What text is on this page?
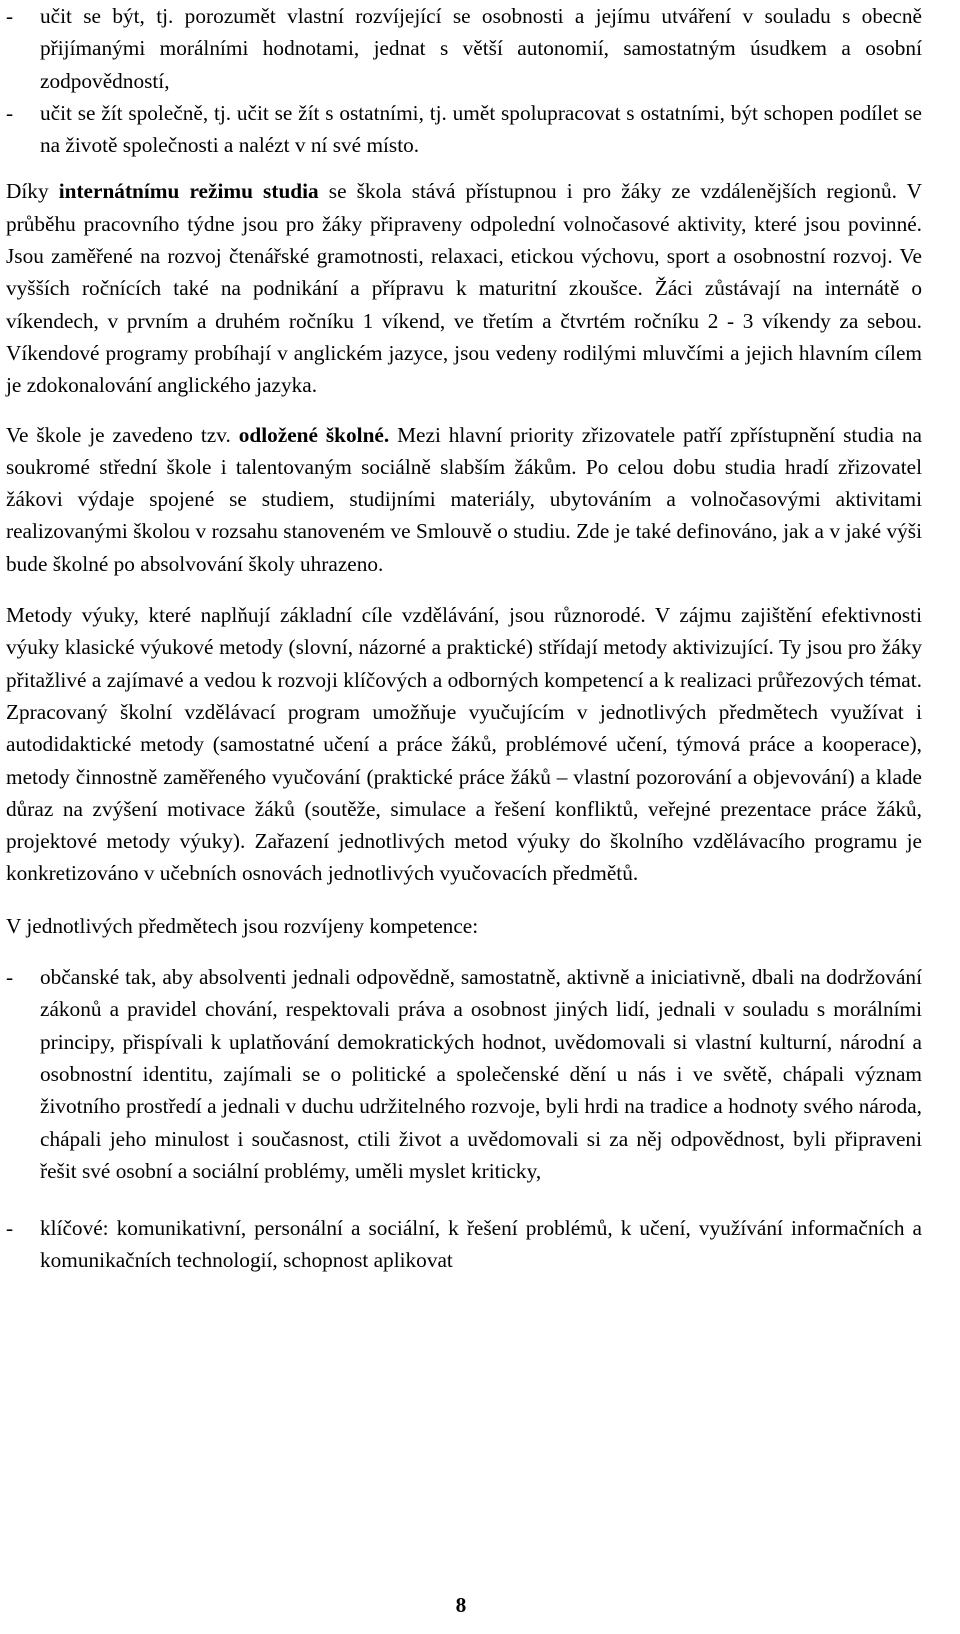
-	učit se být, tj. porozumět vlastní rozvíjející se osobnosti a jejímu utváření v souladu s obecně přijímanými morálními hodnotami, jednat s větší autonomií, samostatným úsudkem a osobní zodpovědností,
-	učit se žít společně, tj. učit se žít s ostatními, tj. umět spolupracovat s ostatními, být schopen podílet se na životě společnosti a nalézt v ní své místo.

Díky internátnímu režimu studia se škola stává přístupnou i pro žáky ze vzdálenějších regionů. V průběhu pracovního týdne jsou pro žáky připraveny odpolední volnočasové aktivity, které jsou povinné. Jsou zaměřené na rozvoj čtenářské gramotnosti, relaxaci, etickou výchovu, sport a osobnostní rozvoj. Ve vyšších ročnících také na podnikání a přípravu k maturitní zkoušce. Žáci zůstávají na internátě o víkendech, v prvním a druhém ročníku 1 víkend, ve třetím a čtvrtém ročníku 2 - 3 víkendy za sebou. Víkendové programy probíhají v anglickém jazyce, jsou vedeny rodilými mluvčími a jejich hlavním cílem je zdokonalování anglického jazyka.

Ve škole je zavedeno tzv. odložené školné. Mezi hlavní priority zřizovatele patří zpřístupnění studia na soukromé střední škole i talentovaným sociálně slabším žákům. Po celou dobu studia hradí zřizovatel žákovi výdaje spojené se studiem, studijními materiály, ubytováním a volnočasovými aktivitami realizovanými školou v rozsahu stanoveném ve Smlouvě o studiu. Zde je také definováno, jak a v jaké výši bude školné po absolvování školy uhrazeno.

Metody výuky, které naplňují základní cíle vzdělávání, jsou různorodé. V zájmu zajištění efektivnosti výuky klasické výukové metody (slovní, názorné a praktické) střídají metody aktivizující. Ty jsou pro žáky přitažlivé a zajímavé a vedou k rozvoji klíčových a odborných kompetencí a k realizaci průřezových témat. Zpracovaný školní vzdělávací program umožňuje vyučujícím v jednotlivých předmětech využívat i autodidaktické metody (samostatné učení a práce žáků, problémové učení, týmová práce a kooperace), metody činnostně zaměřeného vyučování (praktické práce žáků – vlastní pozorování a objevování) a klade důraz na zvýšení motivace žáků (soutěže, simulace a řešení konfliktů, veřejné prezentace práce žáků, projektové metody výuky). Zařazení jednotlivých metod výuky do školního vzdělávacího programu je konkretizováno v učebních osnovách jednotlivých vyučovacích předmětů.

V jednotlivých předmětech jsou rozvíjeny kompetence:

-	občanské tak, aby absolventi jednali odpovědně, samostatně, aktivně a iniciativně, dbali na dodržování zákonů a pravidel chování, respektovali práva a osobnost jiných lidí, jednali v souladu s morálními principy, přispívali k uplatňování demokratických hodnot, uvědomovali si vlastní kulturní, národní a osobnostní identitu, zajímali se o politické a společenské dění u nás i ve světě, chápali význam životního prostředí a jednali v duchu udržitelného rozvoje, byli hrdi na tradice a hodnoty svého národa, chápali jeho minulost i současnost, ctili život a uvědomovali si za něj odpovědnost, byli připraveni řešit své osobní a sociální problémy, uměli myslet kriticky,
-	klíčové: komunikativní, personální a sociální, k řešení problémů, k učení, využívání informačních a komunikačních technologií, schopnost aplikovat
8
